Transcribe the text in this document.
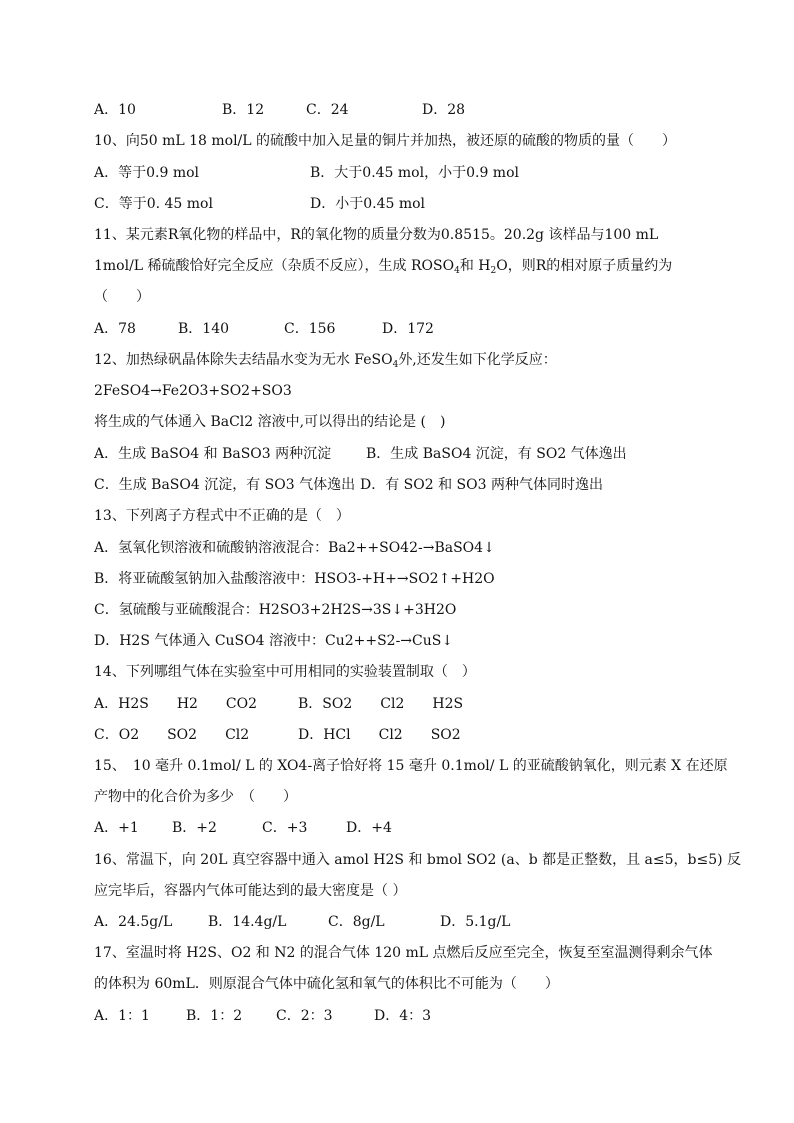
A．10	B．12	C．24	D．28
10、向50 mL 18 mol/L 的硫酸中加入足量的铜片并加热，被还原的硫酸的物质的量（　　）
A．等于0.9 mol	B．大于0.45 mol，小于0.9 mol
C．等于0. 45 mol	D．小于0.45 mol
11、某元素R氧化物的样品中，R的氧化物的质量分数为0.8515。20.2g 该样品与100 mL
1mol/L 稀硫酸恰好完全反应（杂质不反应），生成 $ROSO_4$和 $H_2O$，则R的相对原子质量约为
（　　）
A．78	B．140	C．156	D．172
12、加热绿矾晶体除失去结晶水变为无水 FeSO$_4$外,还发生如下化学反应：
2FeSO4→Fe2O3+SO2+SO3
将生成的气体通入 BaCl2 溶液中,可以得出的结论是 (　)
A．生成 BaSO4 和 BaSO3 两种沉淀 B．生成 BaSO4 沉淀，有 SO2 气体逸出
C．生成 BaSO4 沉淀，有 SO3 气体逸出 D．有 SO2 和 SO3 两种气体同时逸出
13、下列离子方程式中不正确的是（　）
A．氢氧化钡溶液和硫酸钠溶液混合：Ba2++SO42-→BaSO4↓
B．将亚硫酸氢钠加入盐酸溶液中：HSO3-+H+→SO2↑+H2O
C．氢硫酸与亚硫酸混合：H2SO3+2H2S→3S↓+3H2O
D．H2S 气体通入 CuSO4 溶液中：Cu2++S2-→CuS↓
14、下列哪组气体在实验室中可用相同的实验装置制取（　）
A．H2S　　H2　　CO2	B．SO2　　Cl2　　H2S
C．O2　　SO2　　Cl2	D．HCl　　Cl2　　SO2
15、　10 毫升 0.1mol/ L 的 XO4-离子恰好将 15 毫升 0.1mol/ L 的亚硫酸钠氧化，则元素 X 在还原
产物中的化合价为多少　（　　）
A．+1 B．+2	C．+3	D．+4
16、常温下，向 20L 真空容器中通入 amol H2S 和 bmol SO2 (a、b 都是正整数，且 a≤5，b≤5) 反
应完毕后，容器内气体可能达到的最大密度是（ ）
A．24.5g/L	B．14.4g/L	C．8g/L	D．5.1g/L
17、室温时将 H2S、O2 和 N2 的混合气体 120 mL 点燃后反应至完全，恢复至室温测得剩余气体
的体积为 60mL．则原混合气体中硫化氢和氧气的体积比不可能为（　　）
A．1：1	B．1：2 C．2：3	D．4：3
